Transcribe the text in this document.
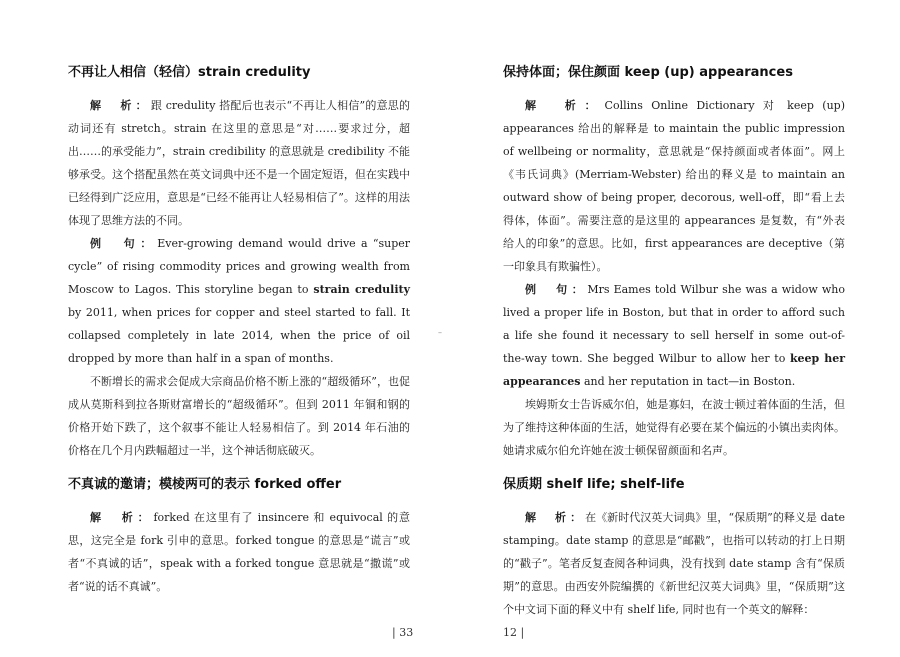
不再让人相信（轻信）strain credulity

解　析：跟 credulity 搭配后也表示“不再让人相信”的意思的动词还有 stretch。strain 在这里的意思是“对……要求过分，超出……的承受能力”，strain credibility 的意思就是 credibility 不能够承受。这个搭配虽然在英文词典中还不是一个固定短语，但在实践中已经得到广泛应用，意思是“已经不能再让人轻易相信了”。这样的用法体现了思维方法的不同。

例　句：Ever-growing demand would drive a “super cycle” of rising commodity prices and growing wealth from Moscow to Lagos. This storyline began to strain credulity by 2011, when prices for copper and steel started to fall. It collapsed completely in late 2014, when the price of oil dropped by more than half in a span of months.

不断增长的需求会促成大宗商品价格不断上涨的“超级循环”，也促成从莫斯科到拉各斯财富增长的“超级循环”。但到 2011 年铜和钢的价格开始下跌了，这个叙事不能让人轻易相信了。到 2014 年石油的价格在几个月内跌幅超过一半，这个神话彻底破灭。

不真诚的邀请；模棱两可的表示 forked offer

解　析：forked 在这里有了 insincere 和 equivocal 的意思，这完全是 fork 引申的意思。forked tongue 的意思是“谎言”或者“不真诚的话”，speak with a forked tongue 意思就是“撒谎”或者“说的话不真诚”。

| 33
–
保持体面；保住颜面 keep (up) appearances

解　析：Collins Online Dictionary 对 keep (up) appearances 给出的解释是 to maintain the public impression of wellbeing or normality，意思就是“保持颜面或者体面”。网上《韦氏词典》(Merriam-Webster) 给出的释义是 to maintain an outward show of being proper, decorous, well-off，即“看上去得体，体面”。需要注意的是这里的 appearances 是复数，有“外表给人的印象”的意思。比如，first appearances are deceptive（第一印象具有欺骗性）。

例　句：Mrs Eames told Wilbur she was a widow who lived a proper life in Boston, but that in order to afford such a life she found it necessary to sell herself in some out-of-the-way town. She begged Wilbur to allow her to keep her appearances and her reputation in tact—in Boston.

埃姆斯女士告诉威尔伯，她是寡妇，在波士顿过着体面的生活，但为了维持这种体面的生活，她觉得有必要在某个偏远的小镇出卖肉体。她请求威尔伯允许她在波士顿保留颜面和名声。

保质期 shelf life; shelf-life

解　析：在《新时代汉英大词典》里，“保质期”的释义是 date stamping。date stamp 的意思是“邮戳”，也指可以转动的打上日期的“戳子”。笔者反复查阅各种词典，没有找到 date stamp 含有“保质期”的意思。由西安外院编撰的《新世纪汉英大词典》里，“保质期”这个中文词下面的释义中有 shelf life, 同时也有一个英文的解释：

12 |
